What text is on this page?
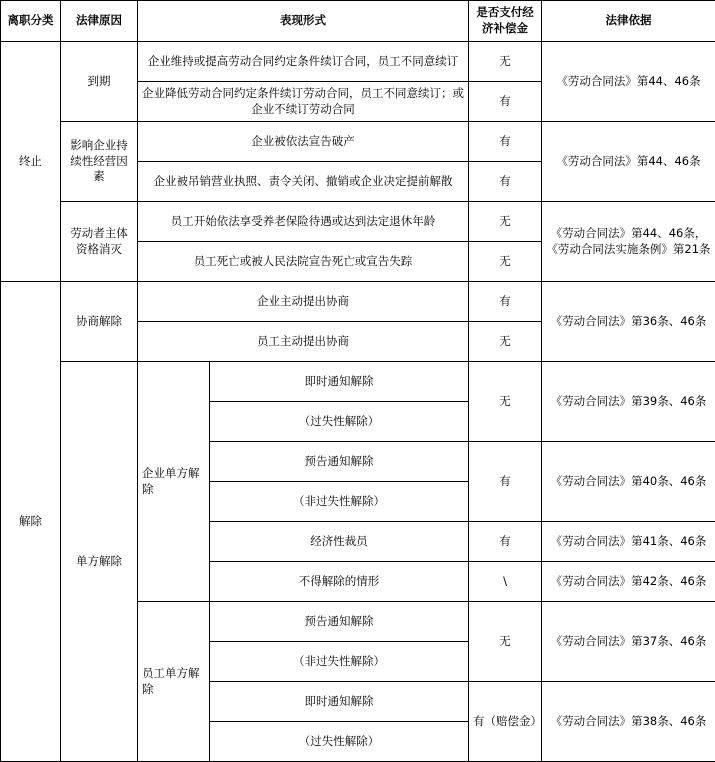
离职分类	法律原因	表现形式		是否支付经济补偿金	法律依据
终止	到期	企业维持或提高劳动合同约定条件续订合同，员工不同意续订		无	《劳动合同法》第44、46条
		企业降低劳动合同约定条件续订劳动合同，员工不同意续订；或企业不续订劳动合同		有	
	影响企业持续性经营因素	企业被依法宣告破产		有	《劳动合同法》第44、46条
		企业被吊销营业执照、责令关闭、撤销或企业决定提前解散		有	
	劳动者主体资格消灭	员工开始依法享受养老保险待遇或达到法定退休年龄		无	《劳动合同法》第44、46条，《劳动合同法实施条例》第21条
		员工死亡或被人民法院宣告死亡或宣告失踪		无	
解除	协商解除	企业主动提出协商		有	《劳动合同法》第36条、46条
		员工主动提出协商		无	
	单方解除	企业单方解除	即时通知解除	无	《劳动合同法》第39条、46条
			（过失性解除）		
			预告通知解除	有	《劳动合同法》第40条、46条
			（非过失性解除）		
			经济性裁员	有	《劳动合同法》第41条、46条
			不得解除的情形	\	《劳动合同法》第42条、46条
		员工单方解除	预告通知解除	无	《劳动合同法》第37条、46条
			（非过失性解除）		
			即时通知解除	有（赔偿金）	《劳动合同法》第38条、46条
			（过失性解除）		
